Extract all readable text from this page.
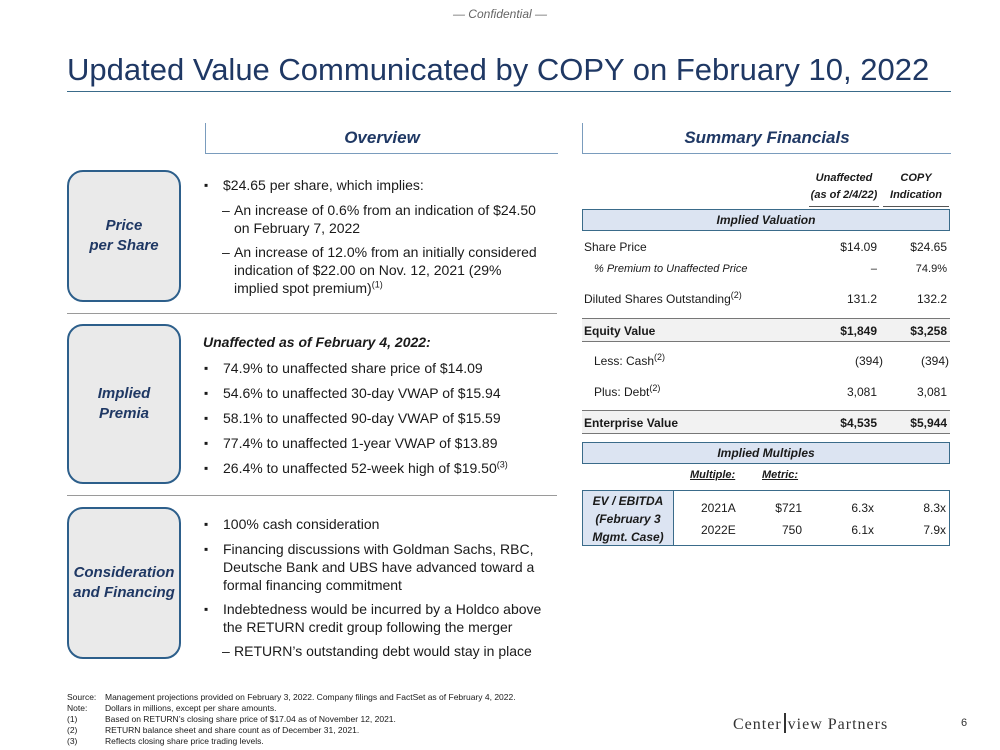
— Confidential —
Updated Value Communicated by COPY on February 10, 2022
Overview	Summary Financials
Price
per Share
▪ $24.65 per share, which implies:
– An increase of 0.6% from an indication of $24.50 on February 7, 2022
– An increase of 12.0% from an initially considered indication of $22.00 on Nov. 12, 2021 (29% implied spot premium)$^{(1)}$
Implied
Premia
Unaffected as of February 4, 2022:
▪ 74.9% to unaffected share price of $14.09
▪ 54.6% to unaffected 30-day VWAP of $15.94
▪ 58.1% to unaffected 90-day VWAP of $15.59
▪ 77.4% to unaffected 1-year VWAP of $13.89
▪ 26.4% to unaffected 52-week high of $19.50$^{(3)}$
Consideration
and Financing
▪ 100% cash consideration
▪ Financing discussions with Goldman Sachs, RBC, Deutsche Bank and UBS have advanced toward a formal financing commitment
▪ Indebtedness would be incurred by a Holdco above the RETURN credit group following the merger
– RETURN’s outstanding debt would stay in place
Unaffected
(as of 2/4/22)
COPY
Indication
Implied Valuation
Share Price	$14.09	$24.65
% Premium to Unaffected Price	–	74.9%
Diluted Shares Outstanding$^{(2)}$	131.2	132.2
Equity Value	$1,849	$3,258
Less: Cash$^{(2)}$	(394)	(394)
Plus: Debt$^{(2)}$	3,081	3,081
Enterprise Value	$4,535	$5,944
Implied Multiples
Multiple: Metric:
EV / EBITDA
(February 3
Mgmt. Case)
2021A	$721	6.3x	8.3x
2022E	750	6.1x	7.9x
Source: Management projections provided on February 3, 2022. Company filings and FactSet as of February 4, 2022.
Note: Dollars in millions, except per share amounts.
(1)	Based on RETURN’s closing share price of $17.04 as of November 12, 2021.
(2)	RETURN balance sheet and share count as of December 31, 2021.
(3)	Reflects closing share price trading levels.
Center view Partners	6
